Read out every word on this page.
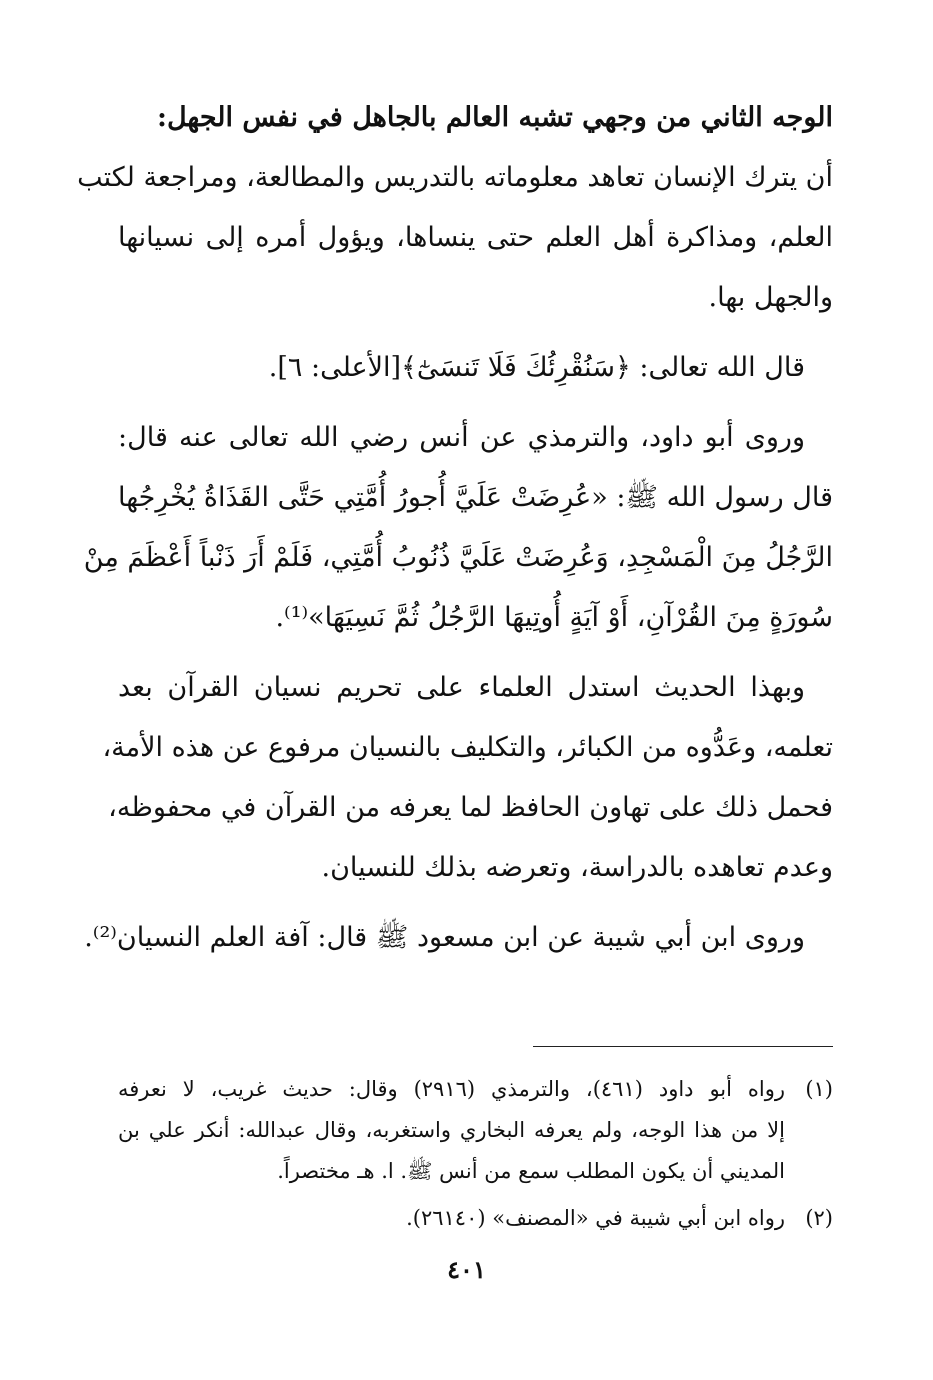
الوجه الثاني من وجهي تشبه العالم بالجاهل في نفس الجهل:
أن يترك الإنسان تعاهد معلوماته بالتدريس والمطالعة، ومراجعة لكتب
العلم، ومذاكرة أهل العلم حتى ينساها، ويؤول أمره إلى نسيانها
والجهل بها.
قال الله تعالى: ﴿سَنُقْرِئُكَ فَلَا تَنسَىٰٓ﴾[الأعلى: ٦].
وروى أبو داود، والترمذي عن أنس رضي الله تعالى عنه قال:
قال رسول الله ﷺ: «عُرِضَتْ عَلَيَّ أُجورُ أُمَّتِي حَتَّى القَذَاةُ يُخْرِجُها
الرَّجُلُ مِنَ الْمَسْجِدِ، وَعُرِضَتْ عَلَيَّ ذُنُوبُ أُمَّتِي، فَلَمْ أَرَ ذَنْباً أَعْظَمَ مِنْ
سُورَةٍ مِنَ القُرْآنِ، أَوْ آيَةٍ أُوتِيهَا الرَّجُلُ ثُمَّ نَسِيَهَا»⁽¹⁾.
وبهذا الحديث استدل العلماء على تحريم نسيان القرآن بعد
تعلمه، وعَدُّوه من الكبائر، والتكليف بالنسيان مرفوع عن هذه الأمة،
فحمل ذلك على تهاون الحافظ لما يعرفه من القرآن في محفوظه،
وعدم تعاهده بالدراسة، وتعرضه بذلك للنسيان.
وروى ابن أبي شيبة عن ابن مسعود ﷺ قال: آفة العلم النسيان⁽²⁾.
(١)رواه أبو داود (٤٦١)، والترمذي (٢٩١٦) وقال: حديث غريب، لا نعرفه
إلا من هذا الوجه، ولم يعرفه البخاري واستغربه، وقال عبدالله: أنكر علي بن
المديني أن يكون المطلب سمع من أنس ﷺ. ا. هـ مختصراً.
(٢)رواه ابن أبي شيبة في «المصنف» (٢٦١٤٠).
٤٠١
